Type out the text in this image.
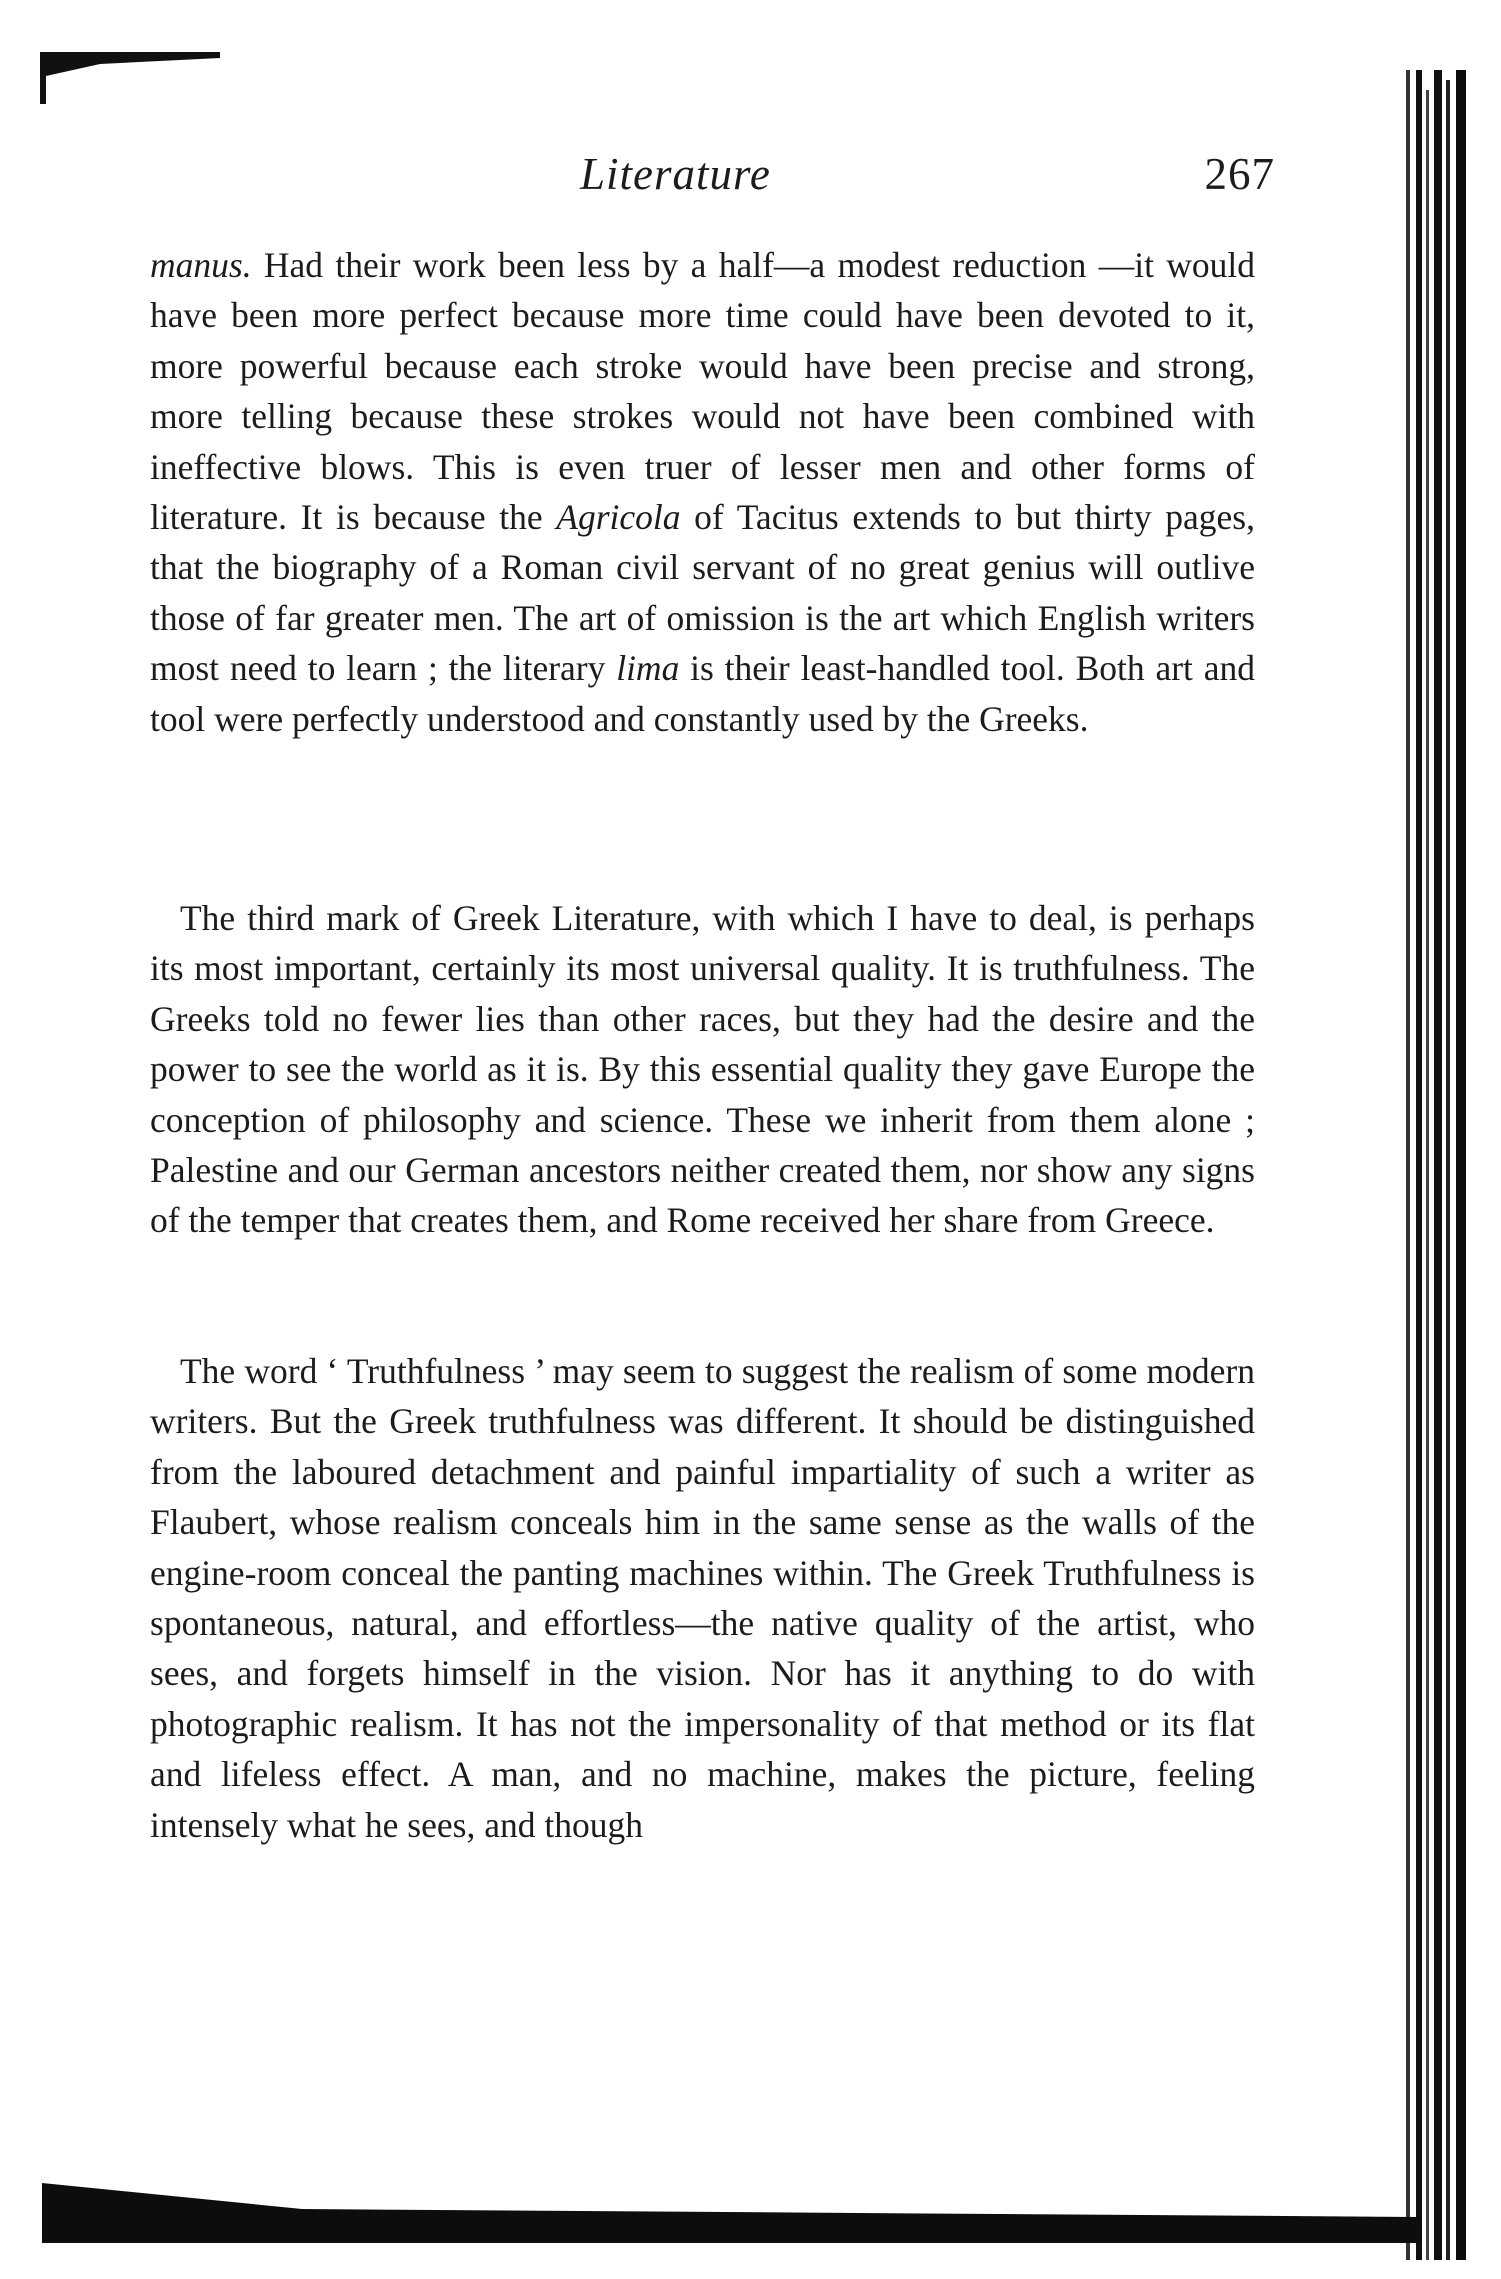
Literature	267

manus. Had their work been less by a half—a modest reduction —it would have been more perfect because more time could have been devoted to it, more powerful because each stroke would have been precise and strong, more telling because these strokes would not have been combined with ineffective blows. This is even truer of lesser men and other forms of literature. It is because the Agricola of Tacitus extends to but thirty pages, that the biography of a Roman civil servant of no great genius will outlive those of far greater men. The art of omission is the art which English writers most need to learn ; the literary lima is their least-handled tool. Both art and tool were perfectly understood and constantly used by the Greeks.

The third mark of Greek Literature, with which I have to deal, is perhaps its most important, certainly its most universal quality. It is truthfulness. The Greeks told no fewer lies than other races, but they had the desire and the power to see the world as it is. By this essential quality they gave Europe the conception of philosophy and science. These we inherit from them alone ; Palestine and our German ancestors neither created them, nor show any signs of the temper that creates them, and Rome received her share from Greece.

The word ‘ Truthfulness ’ may seem to suggest the realism of some modern writers. But the Greek truthfulness was different. It should be distinguished from the laboured detachment and painful impartiality of such a writer as Flaubert, whose realism conceals him in the same sense as the walls of the engine-room conceal the panting machines within. The Greek Truthfulness is spontaneous, natural, and effortless—the native quality of the artist, who sees, and forgets himself in the vision. Nor has it anything to do with photographic realism. It has not the impersonality of that method or its flat and lifeless effect. A man, and no machine, makes the picture, feeling intensely what he sees, and though
